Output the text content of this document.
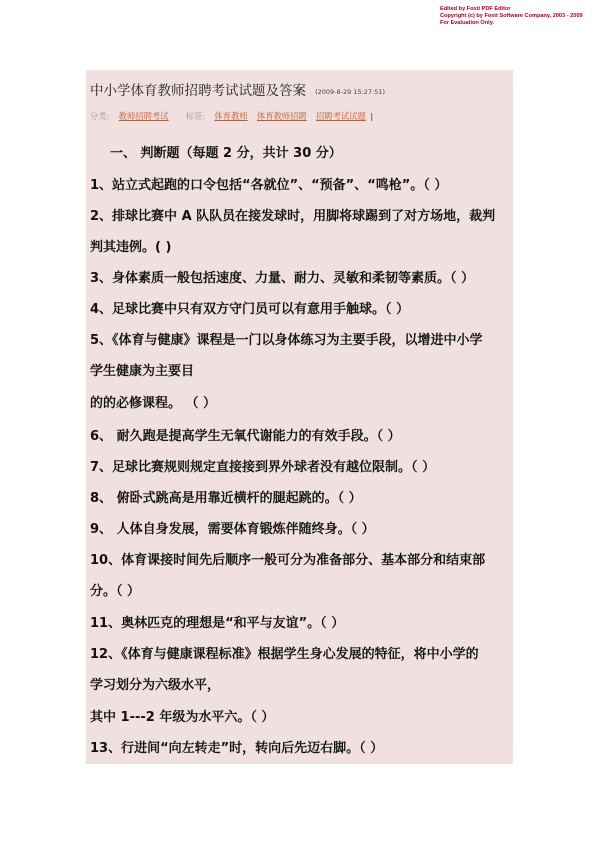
Edited by Foxit PDF Editor
Copyright (c) by Foxit Software Company, 2003 - 2009
For Evaluation Only.
中小学体育教师招聘考试试题及答案 (2009-8-29 15:27:51)
分类: 教师招聘考试 标签: 体育教师 体育教师招聘 招聘考试试题 |
一、 判断题（每题 2 分，共计 30 分）
1、站立式起跑的口令包括“各就位”、“预备”、“鸣枪”。（ ）
2、排球比赛中 A 队队员在接发球时，用脚将球踢到了对方场地，裁判
判其违例。( )
3、身体素质一般包括速度、力量、耐力、灵敏和柔韧等素质。（ ）
4、足球比赛中只有双方守门员可以有意用手触球。（ ）
5、《体育与健康》课程是一门以身体练习为主要手段，以增进中小学
学生健康为主要目
的的必修课程。 （ ）
6、 耐久跑是提高学生无氧代谢能力的有效手段。（ ）
7、足球比赛规则规定直接接到界外球者没有越位限制。（ ）
8、 俯卧式跳高是用靠近横杆的腿起跳的。（ ）
9、 人体自身发展，需要体育锻炼伴随终身。（ ）
10、体育课接时间先后顺序一般可分为准备部分、基本部分和结束部
分。（ ）
11、奥林匹克的理想是“和平与友谊”。（ ）
12、《体育与健康课程标准》根据学生身心发展的特征，将中小学的
学习划分为六级水平，
其中 1---2 年级为水平六。（ ）
13、行进间“向左转走”时，转向后先迈右脚。（ ）
